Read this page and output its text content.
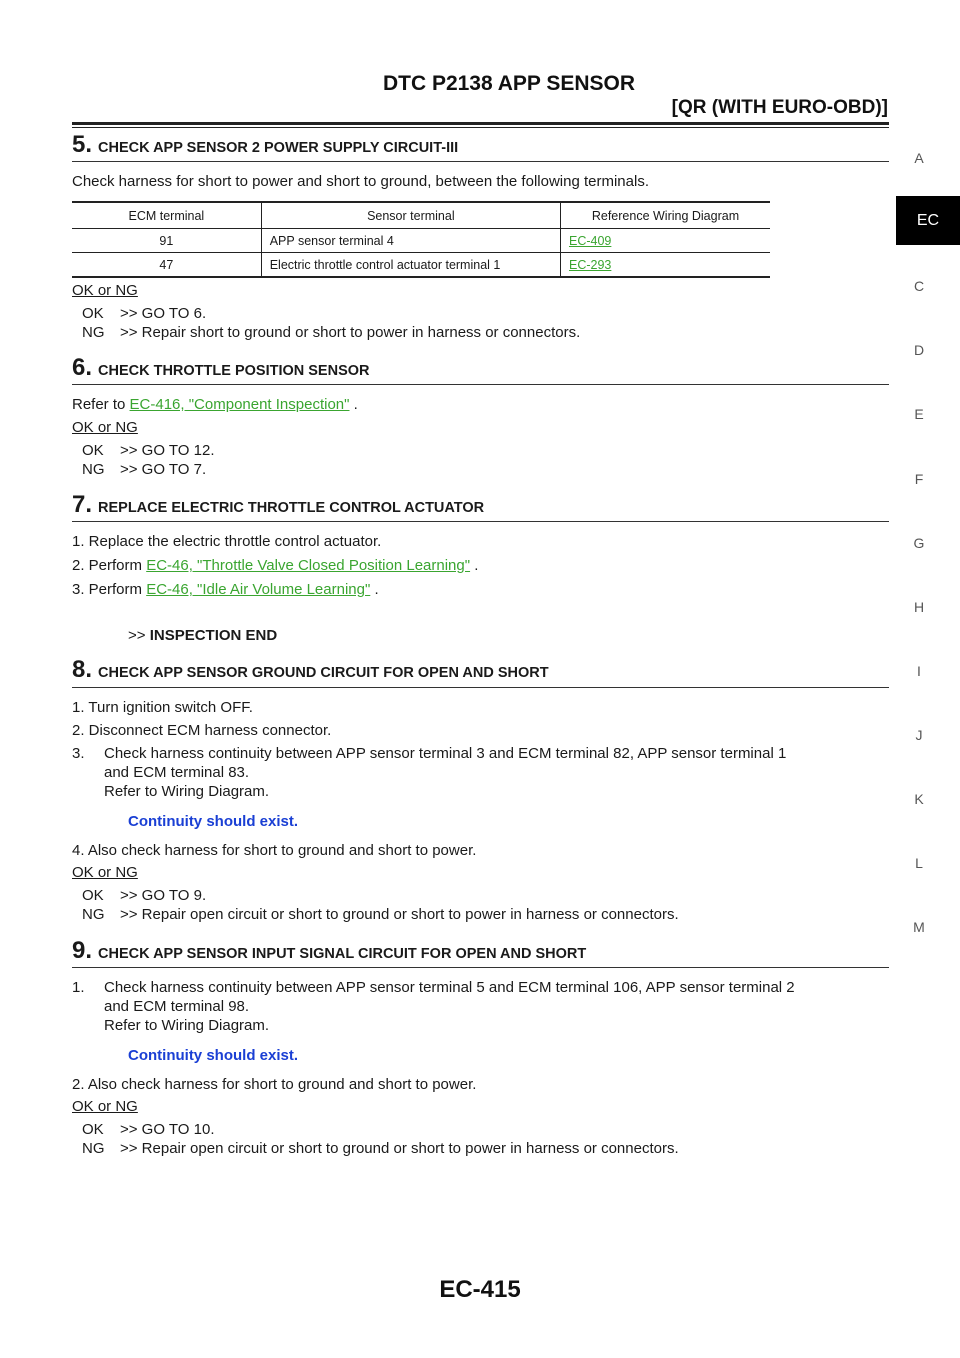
DTC P2138 APP SENSOR
[QR (WITH EURO-OBD)]
A
EC
C
D
E
F
G
H
I
J
K
L
M
5. CHECK APP SENSOR 2 POWER SUPPLY CIRCUIT-III
Check harness for short to power and short to ground, between the following terminals.
ECM terminal	Sensor terminal	Reference Wiring Diagram
91	APP sensor terminal 4	EC-409
47	Electric throttle control actuator terminal 1	EC-293
OK or NG
OK >> GO TO 6.
NG >> Repair short to ground or short to power in harness or connectors.
6. CHECK THROTTLE POSITION SENSOR
Refer to EC-416, "Component Inspection" .
OK or NG
OK >> GO TO 12.
NG >> GO TO 7.
7. REPLACE ELECTRIC THROTTLE CONTROL ACTUATOR
1. Replace the electric throttle control actuator.
2. Perform EC-46, "Throttle Valve Closed Position Learning" .
3. Perform EC-46, "Idle Air Volume Learning" .
>> INSPECTION END
8. CHECK APP SENSOR GROUND CIRCUIT FOR OPEN AND SHORT
1. Turn ignition switch OFF.
2. Disconnect ECM harness connector.
3. Check harness continuity between APP sensor terminal 3 and ECM terminal 82, APP sensor terminal 1
and ECM terminal 83.
Refer to Wiring Diagram.
Continuity should exist.
4. Also check harness for short to ground and short to power.
OK or NG
OK >> GO TO 9.
NG >> Repair open circuit or short to ground or short to power in harness or connectors.
9. CHECK APP SENSOR INPUT SIGNAL CIRCUIT FOR OPEN AND SHORT
1. Check harness continuity between APP sensor terminal 5 and ECM terminal 106, APP sensor terminal 2
and ECM terminal 98.
Refer to Wiring Diagram.
Continuity should exist.
2. Also check harness for short to ground and short to power.
OK or NG
OK >> GO TO 10.
NG >> Repair open circuit or short to ground or short to power in harness or connectors.
EC-415
